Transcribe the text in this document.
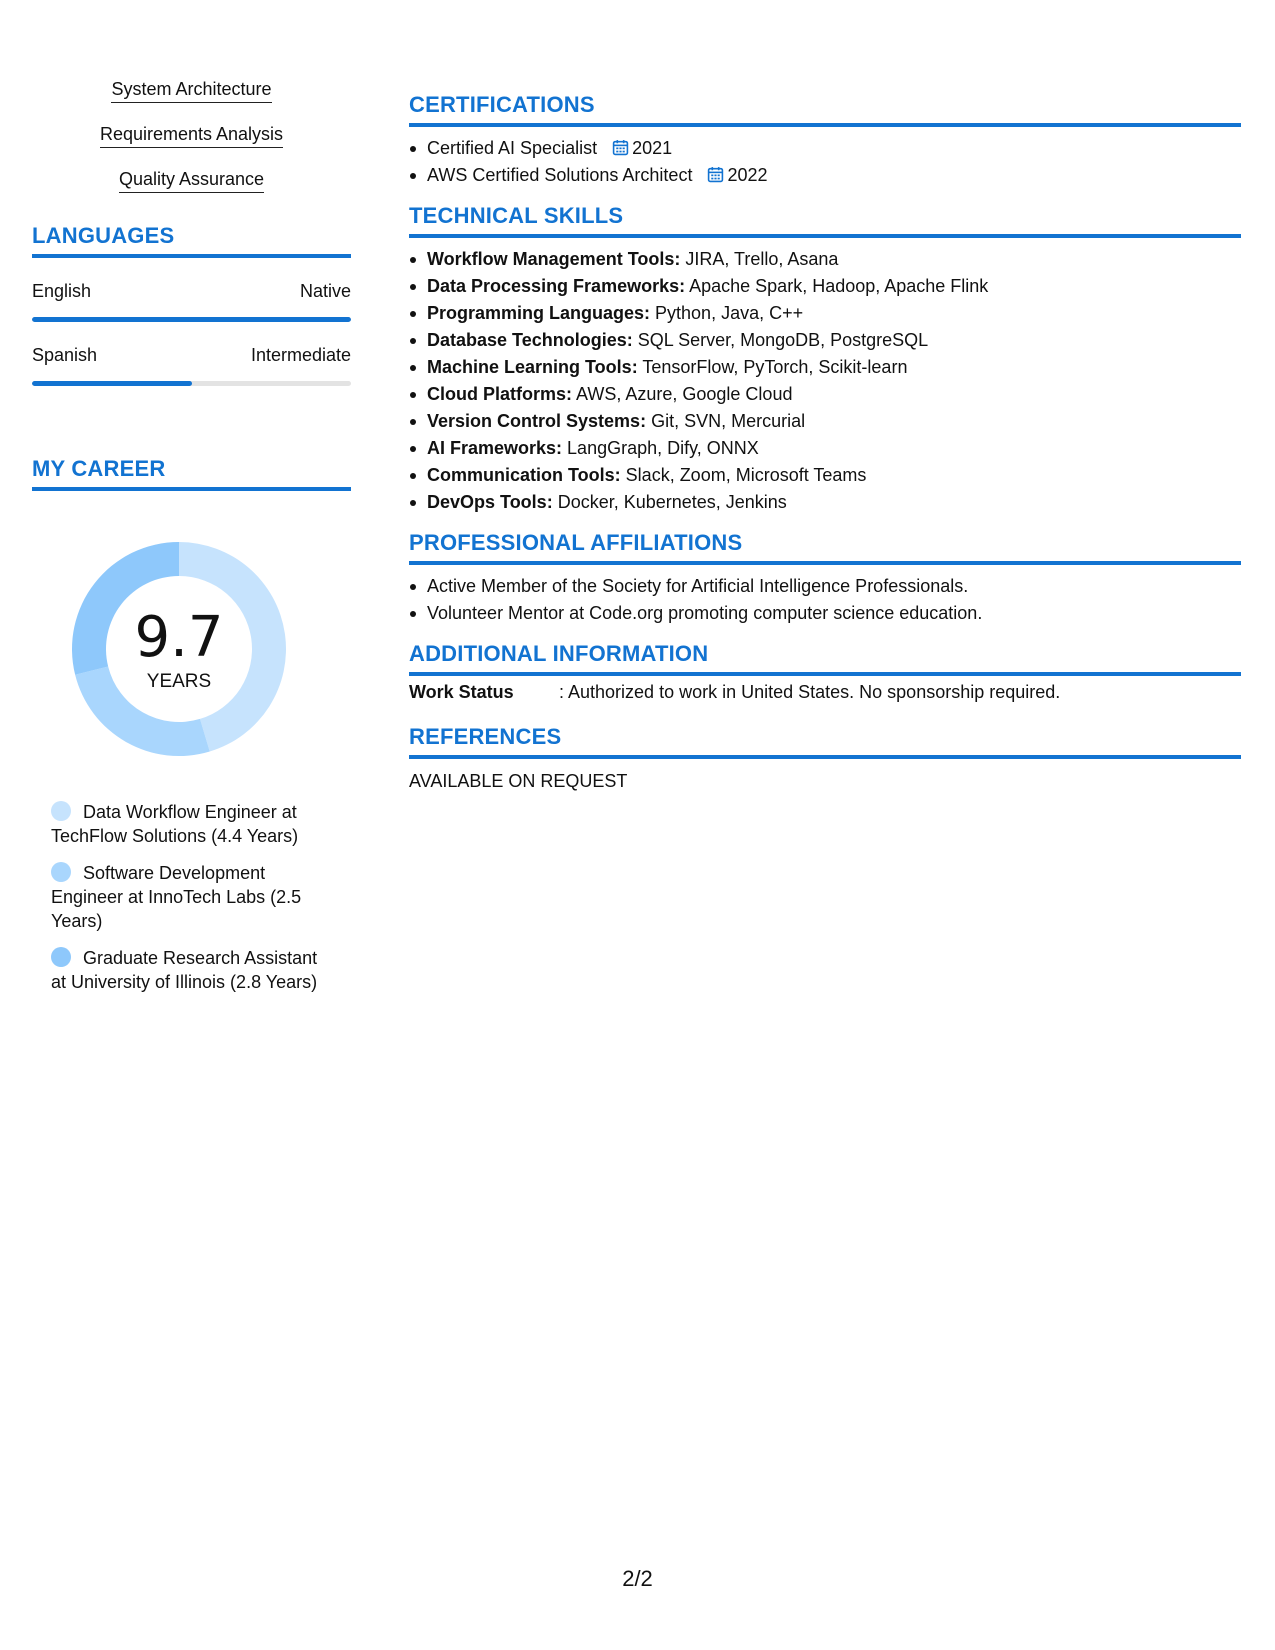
System Architecture
Requirements Analysis
Quality Assurance
LANGUAGES
English	Native
Spanish	Intermediate
MY CAREER
9.7
YEARS
Data Workflow Engineer at TechFlow Solutions (4.4 Years)
Software Development Engineer at InnoTech Labs (2.5 Years)
Graduate Research Assistant at University of Illinois (2.8 Years)
CERTIFICATIONS
Certified AI Specialist 2021
AWS Certified Solutions Architect 2022
TECHNICAL SKILLS
Workflow Management Tools: JIRA, Trello, Asana
Data Processing Frameworks: Apache Spark, Hadoop, Apache Flink
Programming Languages: Python, Java, C++
Database Technologies: SQL Server, MongoDB, PostgreSQL
Machine Learning Tools: TensorFlow, PyTorch, Scikit-learn
Cloud Platforms: AWS, Azure, Google Cloud
Version Control Systems: Git, SVN, Mercurial
AI Frameworks: LangGraph, Dify, ONNX
Communication Tools: Slack, Zoom, Microsoft Teams
DevOps Tools: Docker, Kubernetes, Jenkins
PROFESSIONAL AFFILIATIONS
Active Member of the Society for Artificial Intelligence Professionals.
Volunteer Mentor at Code.org promoting computer science education.
ADDITIONAL INFORMATION
Work Status	: Authorized to work in United States. No sponsorship required.
REFERENCES
AVAILABLE ON REQUEST
2/2
